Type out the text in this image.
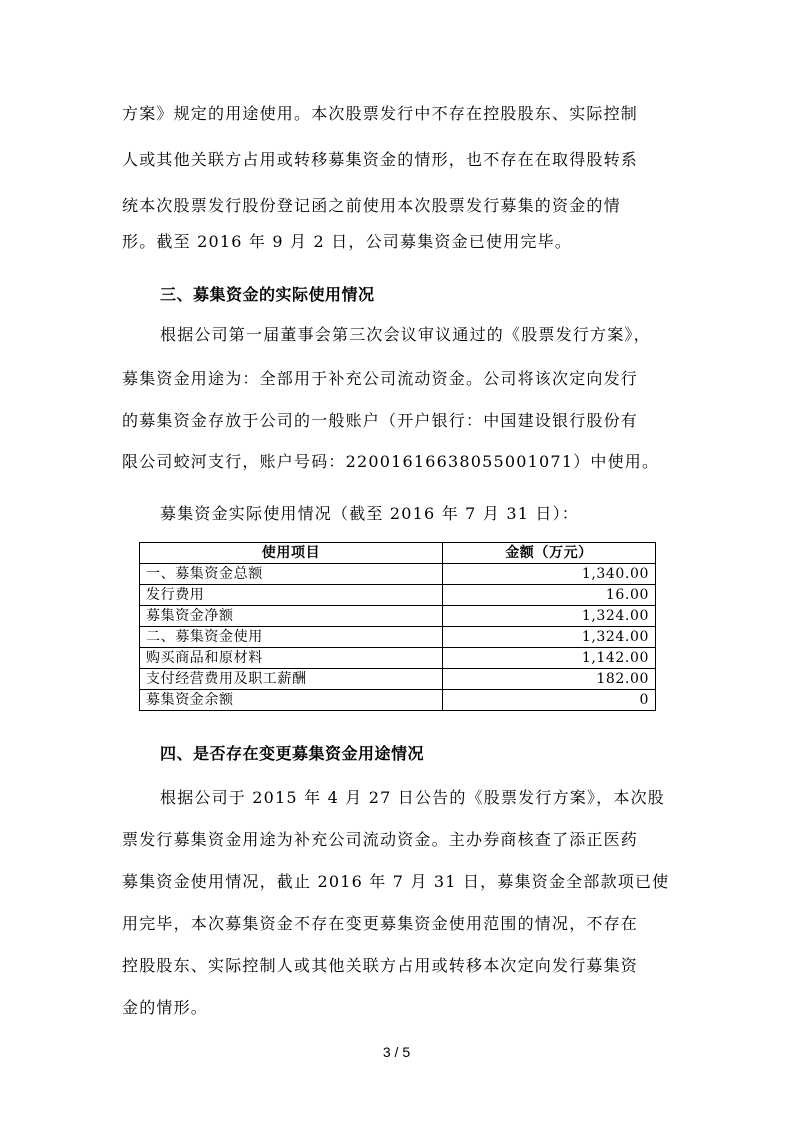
方案》规定的用途使用。本次股票发行中不存在控股股东、实际控制
人或其他关联方占用或转移募集资金的情形，也不存在在取得股转系
统本次股票发行股份登记函之前使用本次股票发行募集的资金的情
形。截至 2016 年 9 月 2 日，公司募集资金已使用完毕。
三、募集资金的实际使用情况
根据公司第一届董事会第三次会议审议通过的《股票发行方案》，
募集资金用途为：全部用于补充公司流动资金。公司将该次定向发行
的募集资金存放于公司的一般账户（开户银行：中国建设银行股份有
限公司蛟河支行，账户号码：22001616638055001071）中使用。
募集资金实际使用情况（截至 2016 年 7 月 31 日）：
使用项目	金额（万元）
一、募集资金总额	1,340.00
发行费用	16.00
募集资金净额	1,324.00
二、募集资金使用	1,324.00
购买商品和原材料	1,142.00
支付经营费用及职工薪酬	182.00
募集资金余额	0
四、是否存在变更募集资金用途情况
根据公司于 2015 年 4 月 27 日公告的《股票发行方案》，本次股
票发行募集资金用途为补充公司流动资金。主办券商核查了添正医药
募集资金使用情况，截止 2016 年 7 月 31 日，募集资金全部款项已使
用完毕，本次募集资金不存在变更募集资金使用范围的情况，不存在
控股股东、实际控制人或其他关联方占用或转移本次定向发行募集资
金的情形。
3 / 5
